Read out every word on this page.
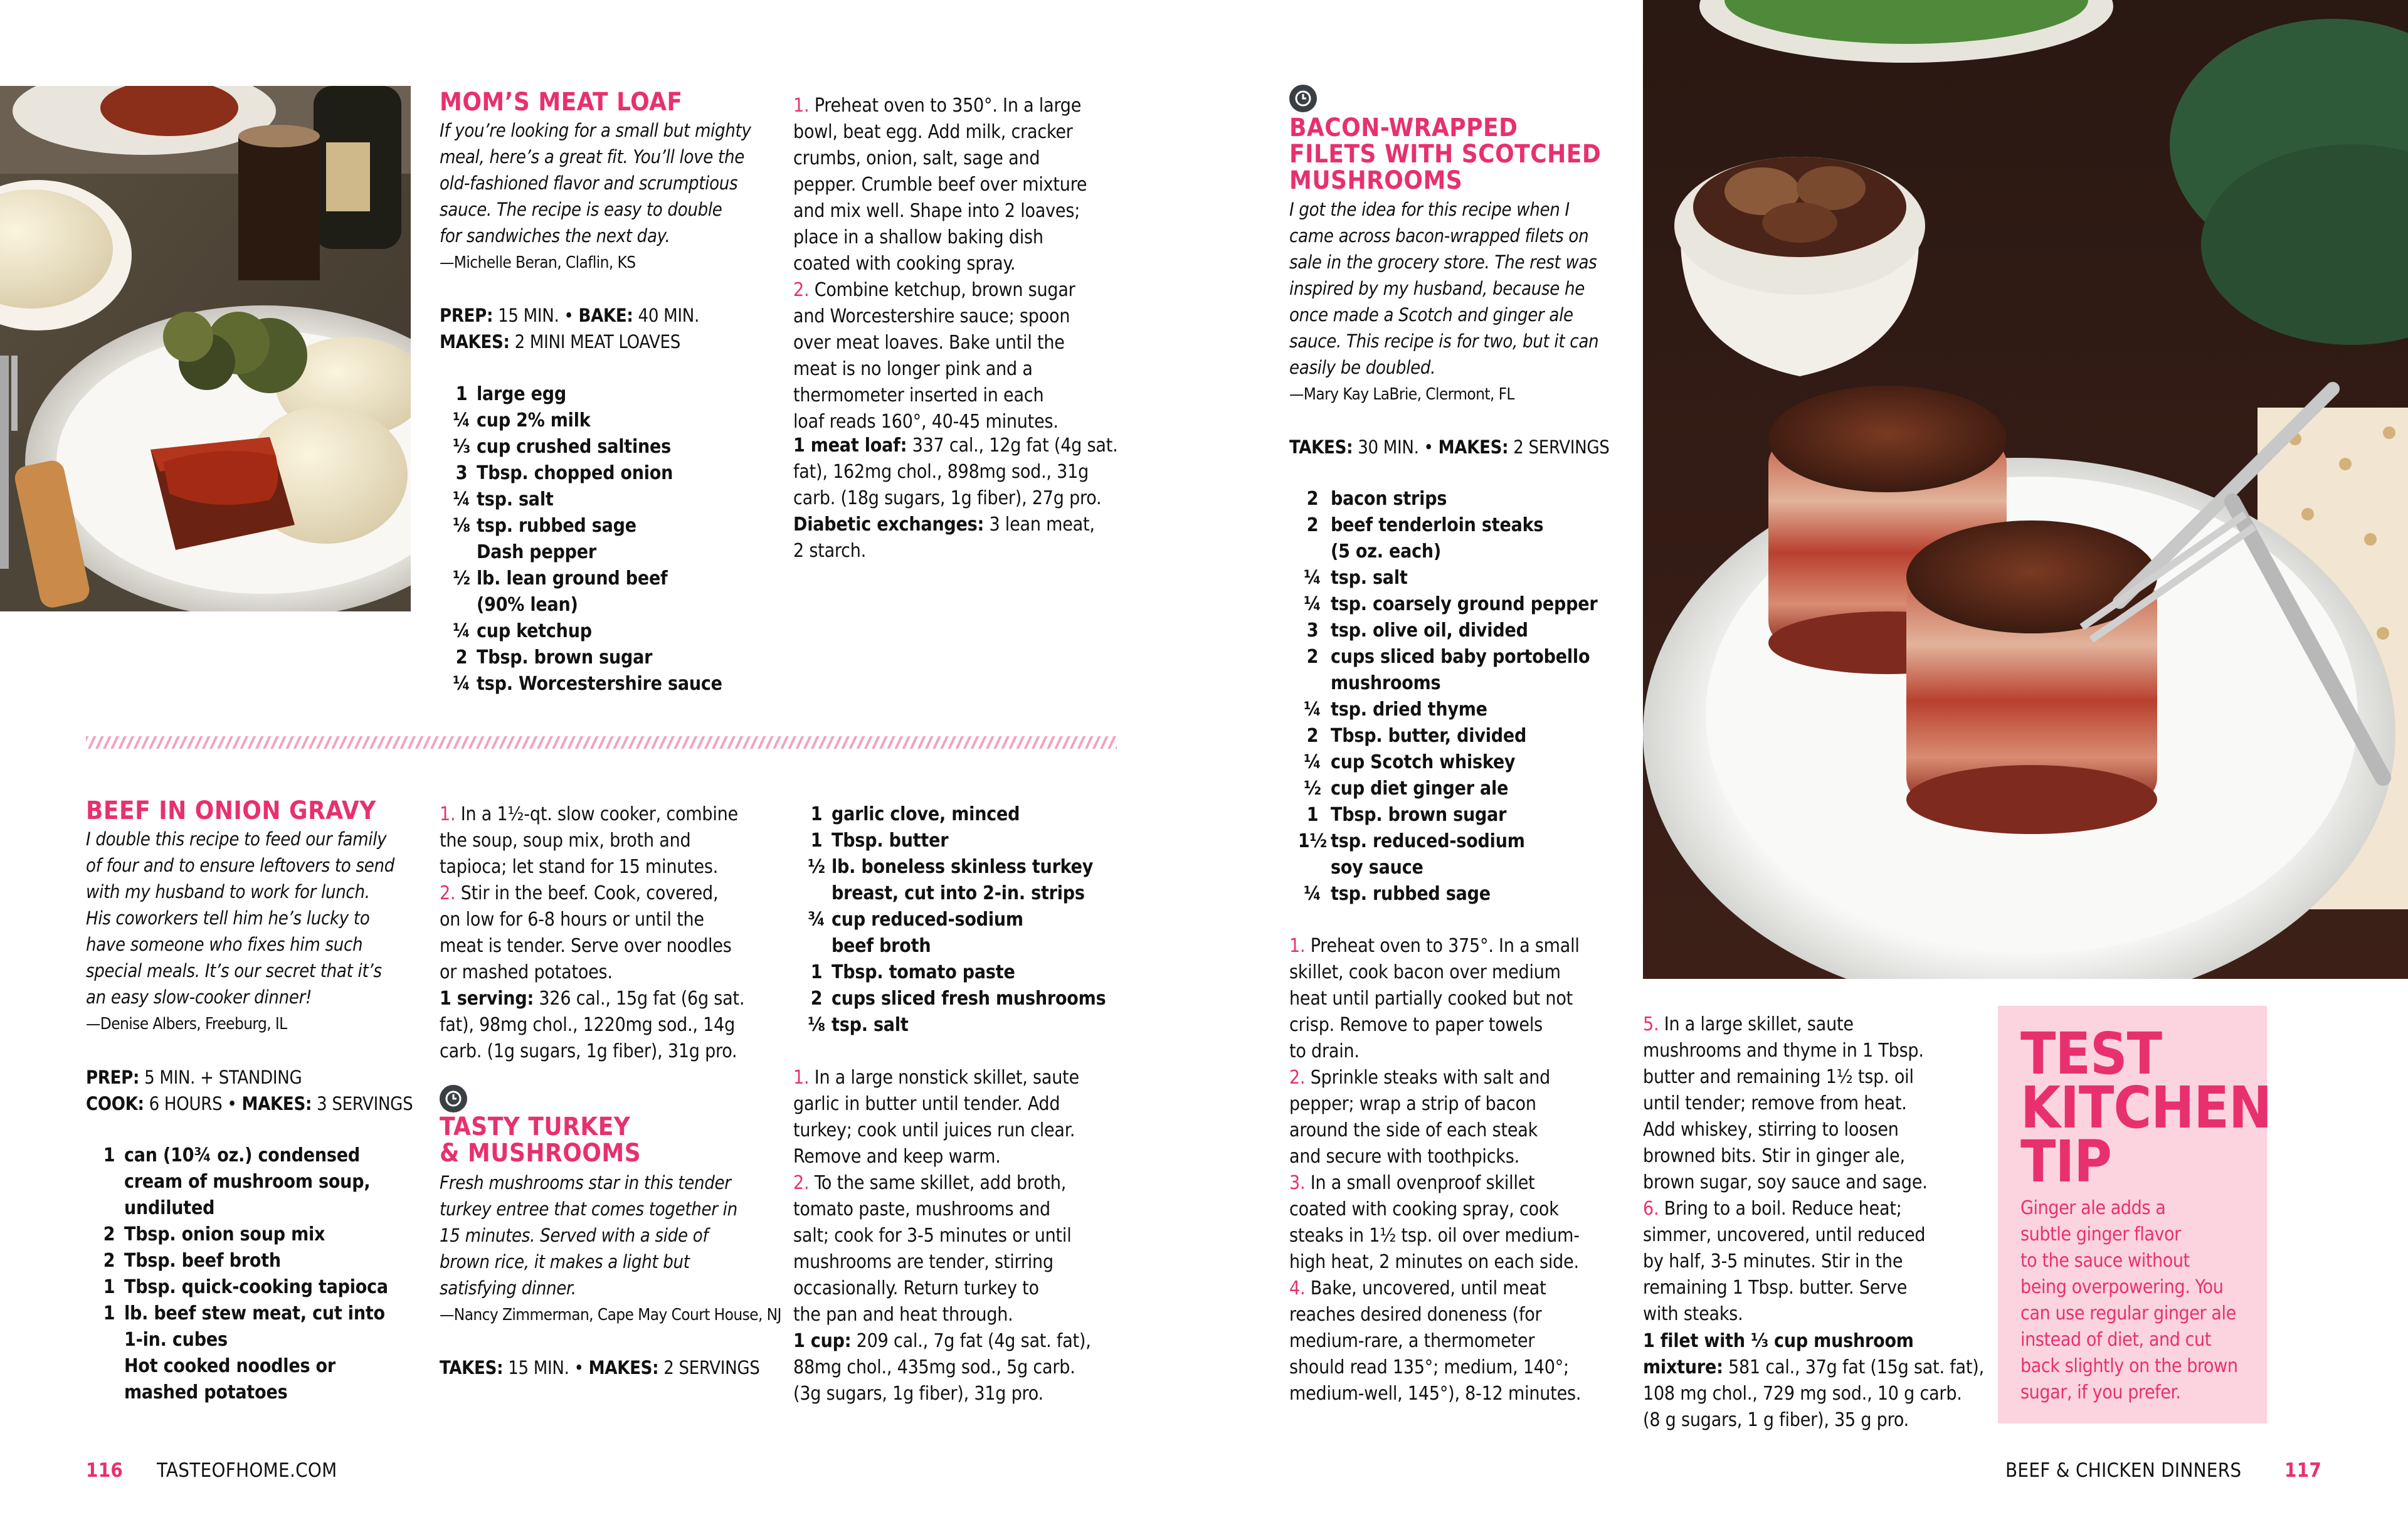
MOM’S MEAT LOAF
If you’re looking for a small but mighty
meal, here’s a great fit. You’ll love the
old-fashioned flavor and scrumptious
sauce. The recipe is easy to double
for sandwiches the next day.
—Michelle Beran, Claflin, KS
PREP: 15 MIN. • BAKE: 40 MIN.
MAKES: 2 MINI MEAT LOAVES
1 large egg
¼ cup 2% milk
⅓ cup crushed saltines
3 Tbsp. chopped onion
¼ tsp. salt
⅛ tsp. rubbed sage
Dash pepper
½ lb. lean ground beef
(90% lean)
¼ cup ketchup
2 Tbsp. brown sugar
¼ tsp. Worcestershire sauce
1. Preheat oven to 350°. In a large
bowl, beat egg. Add milk, cracker
crumbs, onion, salt, sage and
pepper. Crumble beef over mixture
and mix well. Shape into 2 loaves;
place in a shallow baking dish
coated with cooking spray.
2. Combine ketchup, brown sugar
and Worcestershire sauce; spoon
over meat loaves. Bake until the
meat is no longer pink and a
thermometer inserted in each
loaf reads 160°, 40-45 minutes.
1 meat loaf: 337 cal., 12g fat (4g sat.
fat), 162mg chol., 898mg sod., 31g
carb. (18g sugars, 1g fiber), 27g pro.
Diabetic exchanges: 3 lean meat,
2 starch.
BEEF IN ONION GRAVY
I double this recipe to feed our family
of four and to ensure leftovers to send
with my husband to work for lunch.
His coworkers tell him he’s lucky to
have someone who fixes him such
special meals. It’s our secret that it’s
an easy slow-cooker dinner!
—Denise Albers, Freeburg, IL
PREP: 5 MIN. + STANDING
COOK: 6 HOURS • MAKES: 3 SERVINGS
1 can (10¾ oz.) condensed
cream of mushroom soup,
undiluted
2 Tbsp. onion soup mix
2 Tbsp. beef broth
1 Tbsp. quick-cooking tapioca
1 lb. beef stew meat, cut into
1-in. cubes
Hot cooked noodles or
mashed potatoes
1. In a 1½-qt. slow cooker, combine
the soup, soup mix, broth and
tapioca; let stand for 15 minutes.
2. Stir in the beef. Cook, covered,
on low for 6-8 hours or until the
meat is tender. Serve over noodles
or mashed potatoes.
1 serving: 326 cal., 15g fat (6g sat.
fat), 98mg chol., 1220mg sod., 14g
carb. (1g sugars, 1g fiber), 31g pro.
TASTY TURKEY
& MUSHROOMS
Fresh mushrooms star in this tender
turkey entree that comes together in
15 minutes. Served with a side of
brown rice, it makes a light but
satisfying dinner.
—Nancy Zimmerman, Cape May Court House, NJ
TAKES: 15 MIN. • MAKES: 2 SERVINGS
1 garlic clove, minced
1 Tbsp. butter
½ lb. boneless skinless turkey
breast, cut into 2-in. strips
¾ cup reduced-sodium
beef broth
1 Tbsp. tomato paste
2 cups sliced fresh mushrooms
⅛ tsp. salt
1. In a large nonstick skillet, saute
garlic in butter until tender. Add
turkey; cook until juices run clear.
Remove and keep warm.
2. To the same skillet, add broth,
tomato paste, mushrooms and
salt; cook for 3-5 minutes or until
mushrooms are tender, stirring
occasionally. Return turkey to
the pan and heat through.
1 cup: 209 cal., 7g fat (4g sat. fat),
88mg chol., 435mg sod., 5g carb.
(3g sugars, 1g fiber), 31g pro.
BACON-WRAPPED
FILETS WITH SCOTCHED
MUSHROOMS
I got the idea for this recipe when I
came across bacon-wrapped filets on
sale in the grocery store. The rest was
inspired by my husband, because he
once made a Scotch and ginger ale
sauce. This recipe is for two, but it can
easily be doubled.
—Mary Kay LaBrie, Clermont, FL
TAKES: 30 MIN. • MAKES: 2 SERVINGS
2 bacon strips
2 beef tenderloin steaks
(5 oz. each)
¼ tsp. salt
¼ tsp. coarsely ground pepper
3 tsp. olive oil, divided
2 cups sliced baby portobello
mushrooms
¼ tsp. dried thyme
2 Tbsp. butter, divided
¼ cup Scotch whiskey
½ cup diet ginger ale
1 Tbsp. brown sugar
1½ tsp. reduced-sodium
soy sauce
¼ tsp. rubbed sage
1. Preheat oven to 375°. In a small
skillet, cook bacon over medium
heat until partially cooked but not
crisp. Remove to paper towels
to drain.
2. Sprinkle steaks with salt and
pepper; wrap a strip of bacon
around the side of each steak
and secure with toothpicks.
3. In a small ovenproof skillet
coated with cooking spray, cook
steaks in 1½ tsp. oil over medium-
high heat, 2 minutes on each side.
4. Bake, uncovered, until meat
reaches desired doneness (for
medium-rare, a thermometer
should read 135°; medium, 140°;
medium-well, 145°), 8-12 minutes.
5. In a large skillet, saute
mushrooms and thyme in 1 Tbsp.
butter and remaining 1½ tsp. oil
until tender; remove from heat.
Add whiskey, stirring to loosen
browned bits. Stir in ginger ale,
brown sugar, soy sauce and sage.
6. Bring to a boil. Reduce heat;
simmer, uncovered, until reduced
by half, 3-5 minutes. Stir in the
remaining 1 Tbsp. butter. Serve
with steaks.
1 filet with ⅓ cup mushroom
mixture: 581 cal., 37g fat (15g sat. fat),
108 mg chol., 729 mg sod., 10 g carb.
(8 g sugars, 1 g fiber), 35 g pro.
TEST
KITCHEN
TIP
Ginger ale adds a
subtle ginger flavor
to the sauce without
being overpowering. You
can use regular ginger ale
instead of diet, and cut
back slightly on the brown
sugar, if you prefer.
116 TASTEOFHOME.COM	BEEF & CHICKEN DINNERS 117
